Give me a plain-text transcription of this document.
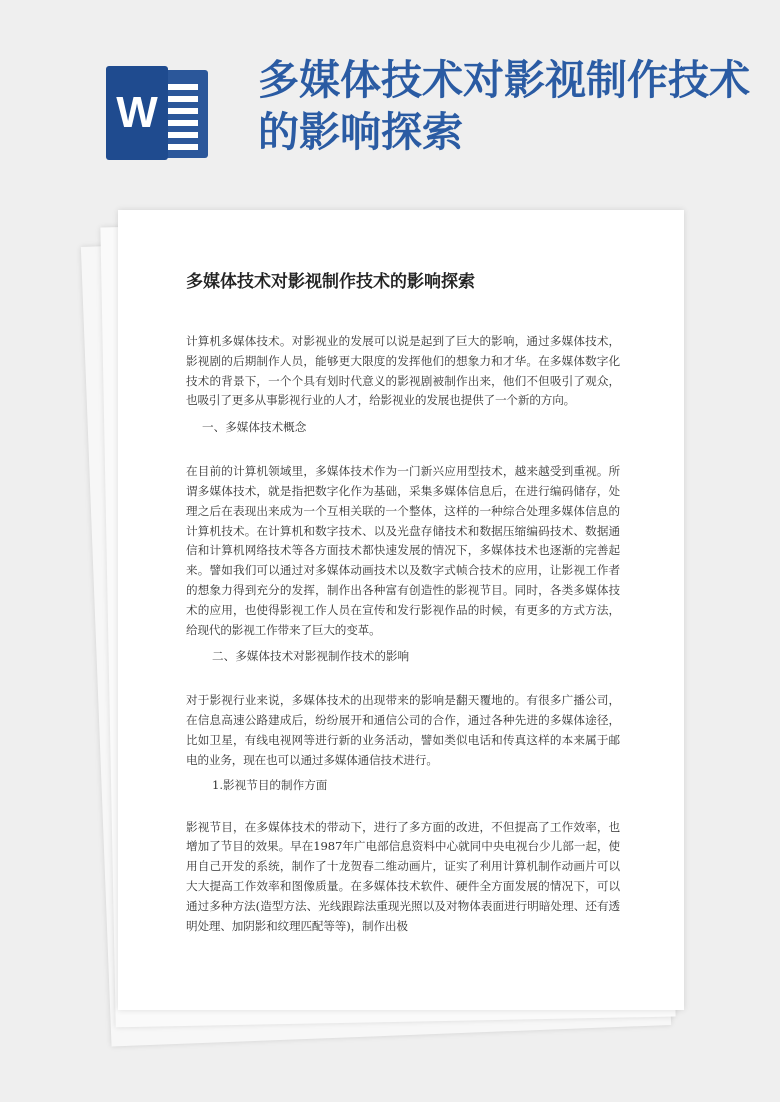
W
多媒体技术对影视制作技术的影响探索
多媒体技术对影视制作技术的影响探索

计算机多媒体技术。对影视业的发展可以说是起到了巨大的影响，通过多媒体技术，影视剧的后期制作人员，能够更大限度的发挥他们的想象力和才华。在多媒体数字化技术的背景下，一个个具有划时代意义的影视剧被制作出来，他们不但吸引了观众，也吸引了更多从事影视行业的人才，给影视业的发展也提供了一个新的方向。

一、多媒体技术概念

在目前的计算机领域里，多媒体技术作为一门新兴应用型技术，越来越受到重视。所谓多媒体技术，就是指把数字化作为基础，采集多媒体信息后，在进行编码储存，处理之后在表现出来成为一个互相关联的一个整体，这样的一种综合处理多媒体信息的计算机技术。在计算机和数字技术、以及光盘存储技术和数据压缩编码技术、数据通信和计算机网络技术等各方面技术都快速发展的情况下，多媒体技术也逐渐的完善起来。譬如我们可以通过对多媒体动画技术以及数字式帧合技术的应用，让影视工作者的想象力得到充分的发挥，制作出各种富有创造性的影视节目。同时，各类多媒体技术的应用，也使得影视工作人员在宣传和发行影视作品的时候，有更多的方式方法，给现代的影视工作带来了巨大的变革。

二、多媒体技术对影视制作技术的影响

对于影视行业来说，多媒体技术的出现带来的影响是翻天覆地的。有很多广播公司，在信息高速公路建成后，纷纷展开和通信公司的合作，通过各种先进的多媒体途径，比如卫星，有线电视网等进行新的业务活动，譬如类似电话和传真这样的本来属于邮电的业务，现在也可以通过多媒体通信技术进行。

1.影视节目的制作方面

影视节目，在多媒体技术的带动下，进行了多方面的改进，不但提高了工作效率，也增加了节目的效果。早在1987年广电部信息资料中心就同中央电视台少儿部一起，使用自己开发的系统，制作了十龙贺春二维动画片，证实了利用计算机制作动画片可以大大提高工作效率和图像质量。在多媒体技术软件、硬件全方面发展的情况下，可以通过多种方法(造型方法、光线跟踪法重现光照以及对物体表面进行明暗处理、还有透明处理、加阴影和纹理匹配等等)，制作出极
